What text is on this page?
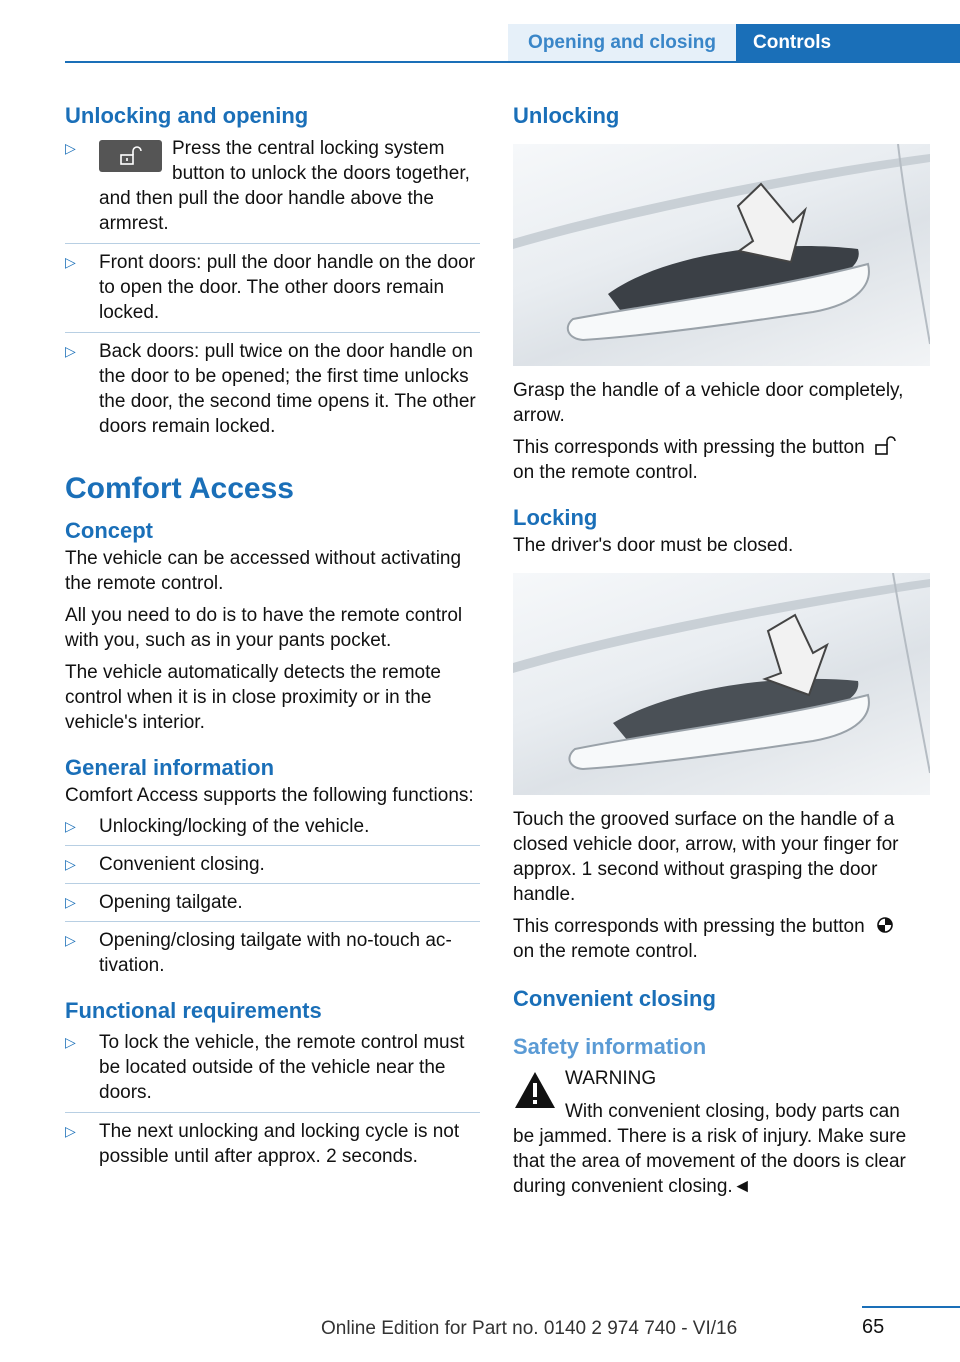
Opening and closing	Controls
Unlocking and opening
▷	Press the central locking system button to unlock the doors together, and then pull the door handle above the armrest.
▷ Front doors: pull the door handle on the door to open the door. The other doors remain locked.
▷ Back doors: pull twice on the door handle on the door to be opened; the first time unlocks the door, the second time opens it. The other doors remain locked.
Comfort Access
Concept

The vehicle can be accessed without activating the remote control.

All you need to do is to have the remote control with you, such as in your pants pocket.

The vehicle automatically detects the remote control when it is in close proximity or in the vehicle's interior.

General information

Comfort Access supports the following functions:

▷ Unlocking/locking of the vehicle.
▷ Convenient closing.
▷ Opening tailgate.
▷ Opening/closing tailgate with no-touch activation.
Functional requirements
▷ To lock the vehicle, the remote control must be located outside of the vehicle near the doors.
▷ The next unlocking and locking cycle is not possible until after approx. 2 seconds.
Unlocking

Grasp the handle of a vehicle door completely, arrow.

This corresponds with pressing the button
on the remote control.

Locking

The driver's door must be closed.

Touch the grooved surface on the handle of a closed vehicle door, arrow, with your finger for approx. 1 second without grasping the door handle.

This corresponds with pressing the button
on the remote control.

Convenient closing
Safety information

WARNING

With convenient closing, body parts can

be jammed. There is a risk of injury. Make sure that the area of movement of the doors is clear during convenient closing.◄

65
Online Edition for Part no. 0140 2 974 740 - VI/16
